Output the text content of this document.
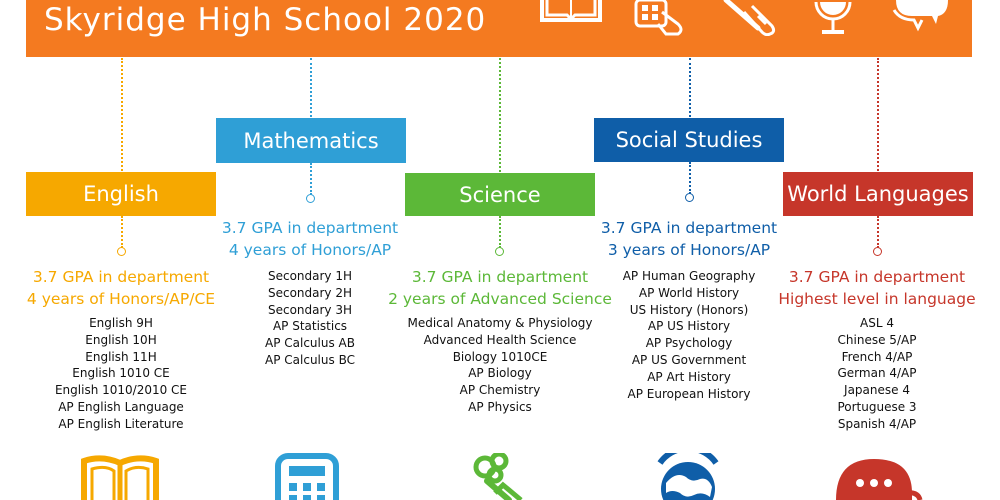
Skyridge High School 2020
English
Mathematics
Science
Social Studies
World Languages
3.7 GPA in department
4 years of Honors/AP/CE
English 9H
English 10H
English 11H
English 1010 CE
English 1010/2010 CE
AP English Language
AP English Literature
3.7 GPA in department
4 years of Honors/AP
Secondary 1H
Secondary 2H
Secondary 3H
AP Statistics
AP Calculus AB
AP Calculus BC
3.7 GPA in department
2 years of Advanced Science
Medical Anatomy & Physiology
Advanced Health Science
Biology 1010CE
AP Biology
AP Chemistry
AP Physics
3.7 GPA in department
3 years of Honors/AP
AP Human Geography
AP World History
US History (Honors)
AP US History
AP Psychology
AP US Government
AP Art History
AP European History
3.7 GPA in department
Highest level in language
ASL 4
Chinese 5/AP
French 4/AP
German 4/AP
Japanese 4
Portuguese 3
Spanish 4/AP
